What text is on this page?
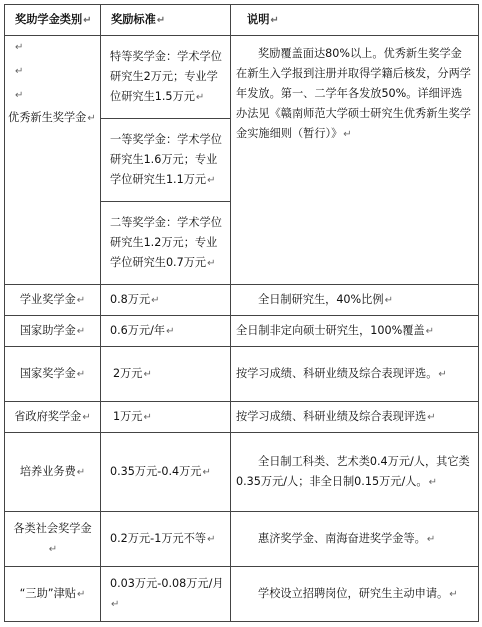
奖助学金类别↵	奖励标准↵	说明↵

↵
↵
↵
优秀新生奖学金↵	特等奖学金：学术学位研究生2万元；专业学位研究生1.5万元↵	奖励覆盖面达80%以上。优秀新生奖学金在新生入学报到注册并取得学籍后核发，分两学年发放。第一、二学年各发放50%。详细评选办法见《赣南师范大学硕士研究生优秀新生奖学金实施细则（暂行）》↵
	一等奖学金：学术学位研究生1.6万元；专业学位研究生1.1万元↵	
	二等奖学金：学术学位研究生1.2万元；专业学位研究生0.7万元↵	
学业奖学金↵	0.8万元↵	全日制研究生，40%比例↵
国家助学金↵	0.6万元/年↵	全日制非定向硕士研究生，100%覆盖↵
国家奖学金↵	2万元↵	按学习成绩、科研业绩及综合表现评选。↵
省政府奖学金↵	1万元↵	按学习成绩、科研业绩及综合表现评选↵
培养业务费↵	0.35万元-0.4万元↵	全日制工科类、艺术类0.4万元/人，其它类0.35万元/人；非全日制0.15万元/人。↵
各类社会奖学金↵	0.2万元-1万元不等↵	惠济奖学金、南海奋进奖学金等。↵
“三助”津贴↵	0.03万元-0.08万元/月↵	学校设立招聘岗位，研究生主动申请。↵
